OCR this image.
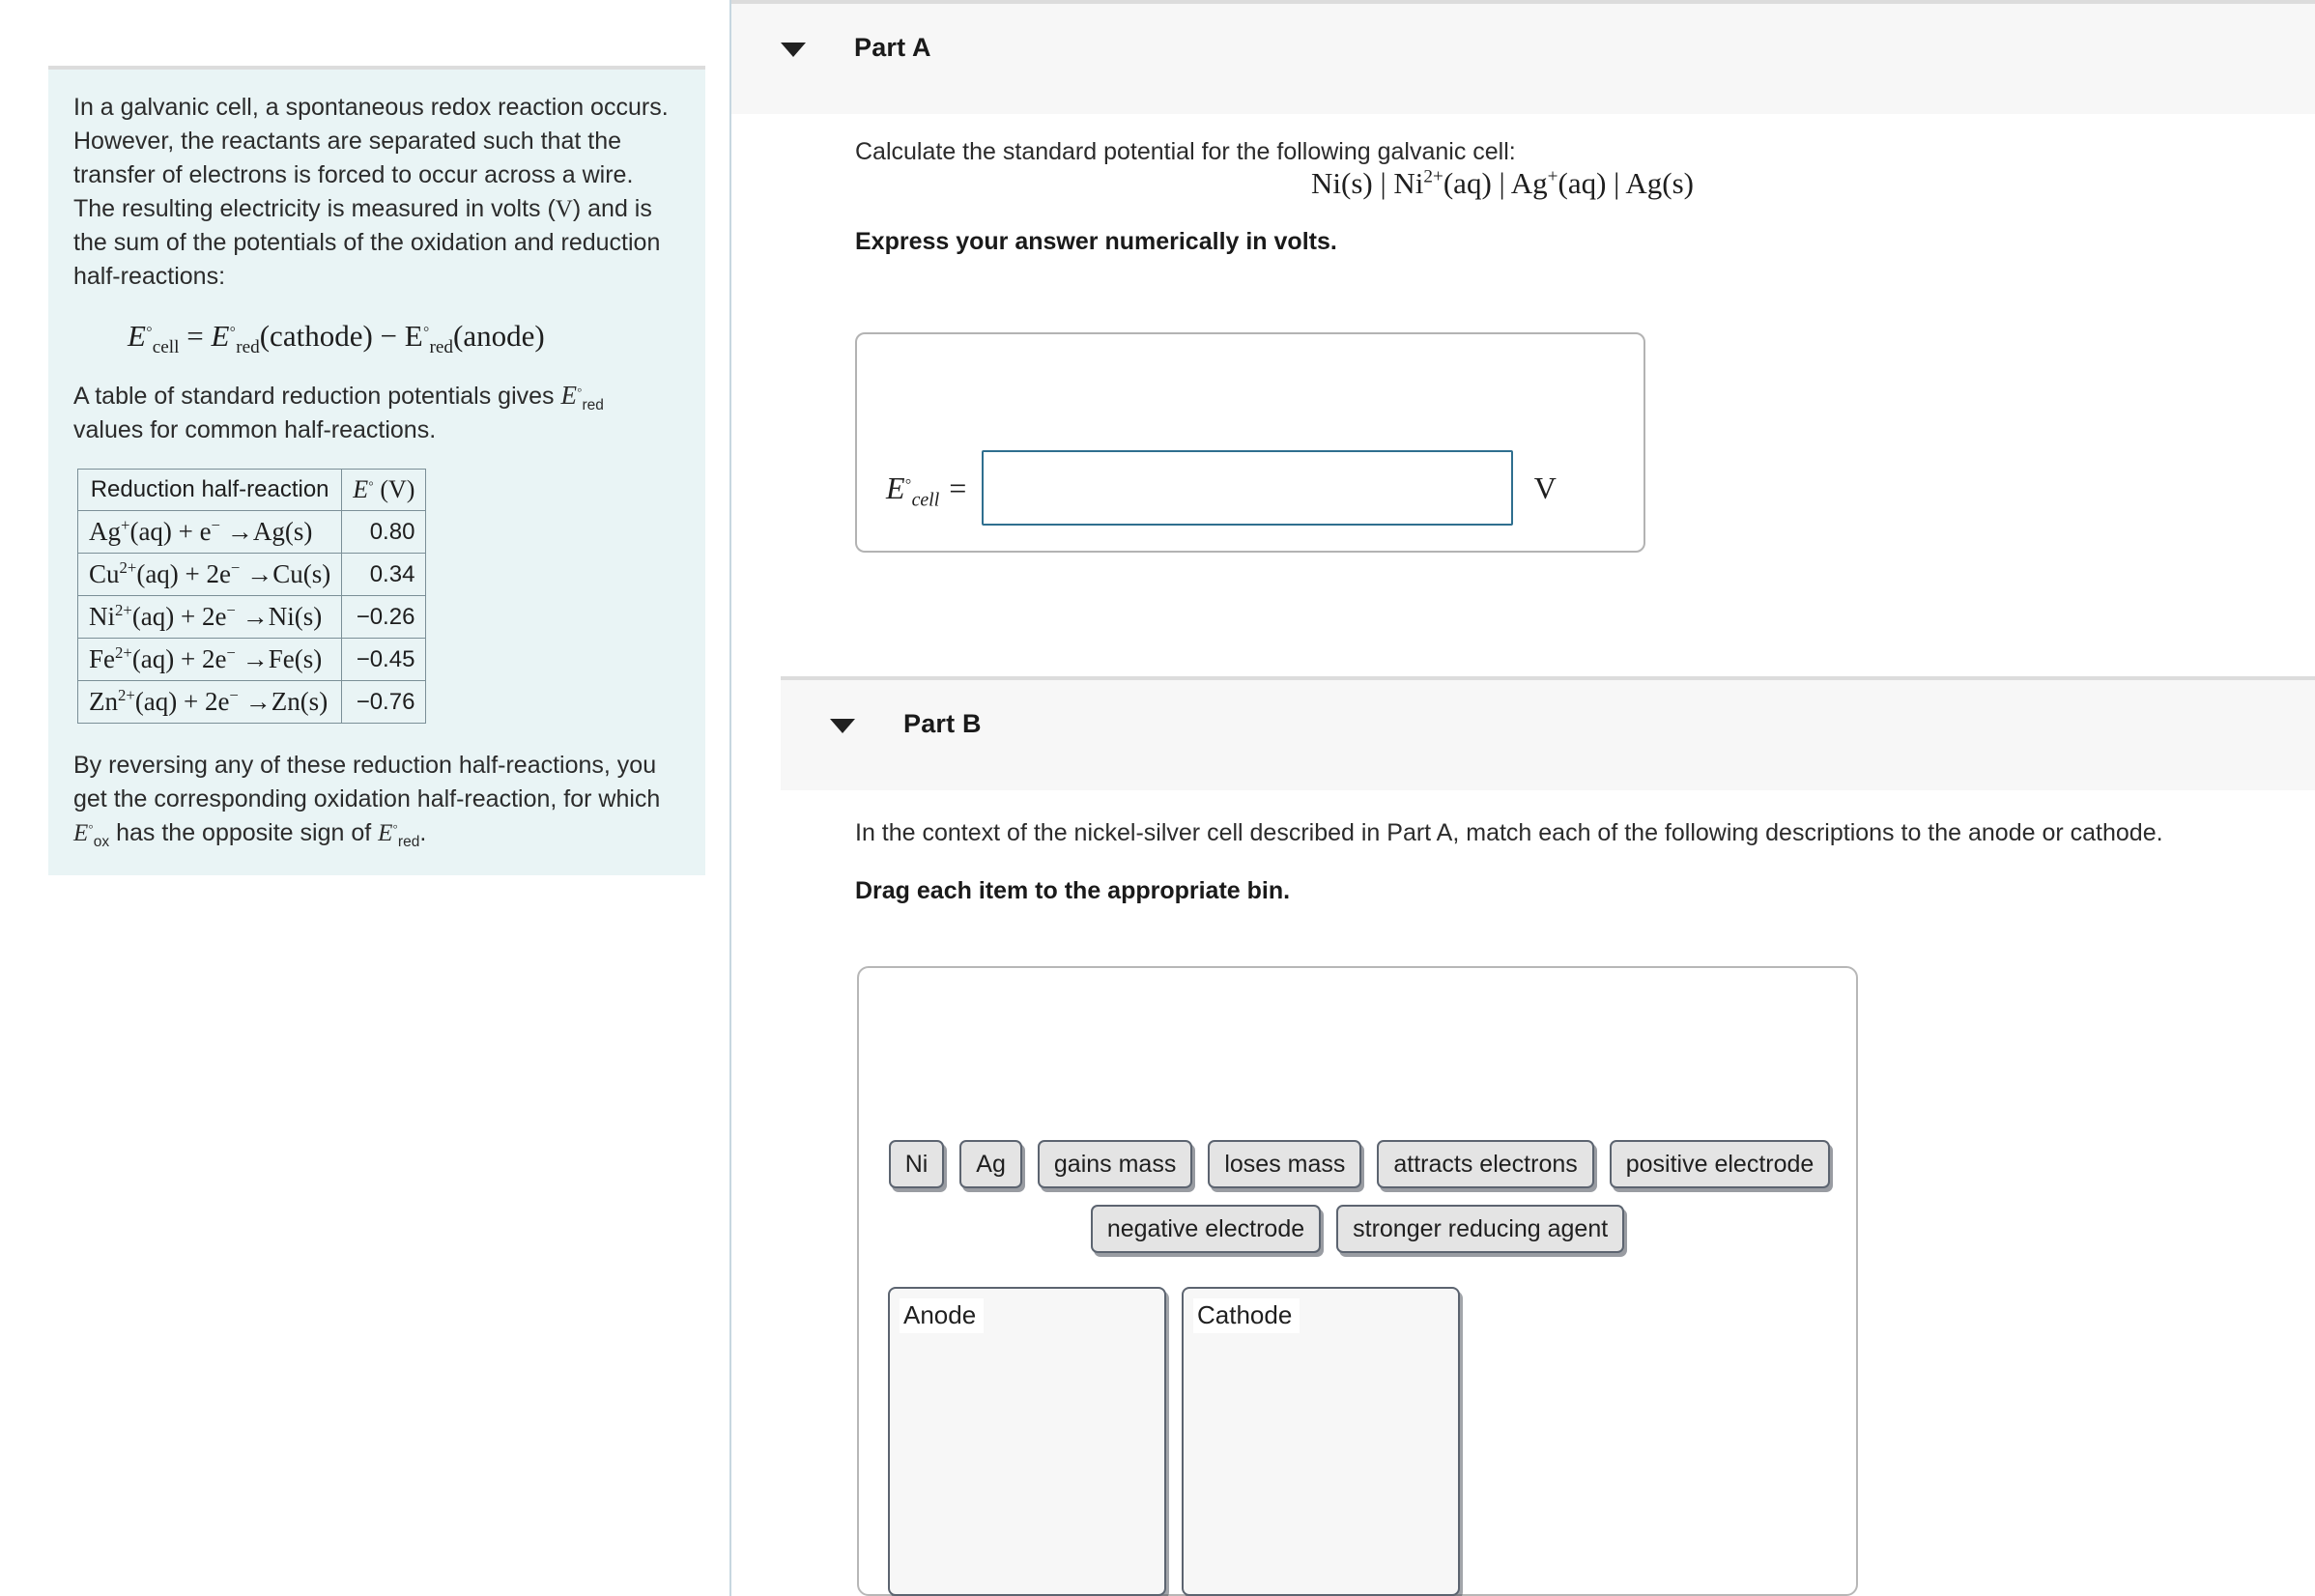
In a galvanic cell, a spontaneous redox reaction occurs. However, the reactants are separated such that the transfer of electrons is forced to occur across a wire. The resulting electricity is measured in volts (V) and is the sum of the potentials of the oxidation and reduction half-reactions:

$E^◦_{cell}$ = $E^◦_{red}(cathode)$ − $E^◦_{red}(anode)$

A table of standard reduction potentials gives $E^◦_{red}$ values for common half-reactions.

Reduction half-reaction	E◦ (V)
Ag+(aq) + e− →Ag(s)	0.80
$Cu^{2+}(aq) + 2e^- \to Cu(s)$	0.34
$Ni^{2+}(aq) + 2e^- \to Ni(s)$	−0.26
$Fe^{2+}(aq) + 2e^- \to Fe(s)$	−0.45
$Zn^{2+}(aq) + 2e^- \to Zn(s)$	−0.76

By reversing any of these reduction half-reactions, you get the corresponding oxidation half-reaction, for which $E^◦_{ox}$ has the opposite sign of $E^◦_{red}$.

Part A
Calculate the standard potential for the following galvanic cell:
Ni(s) | $Ni^{2+}(aq)$ | Ag+(aq) | Ag(s)
Express your answer numerically in volts.
$E^◦_{cell}$ =	V
Part B
In the context of the nickel-silver cell described in Part A, match each of the following descriptions to the anode or cathode.
Drag each item to the appropriate bin.
Ni	Ag	gains mass	loses mass	attracts electrons	positive electrode
negative electrode	stronger reducing agent
Anode	Cathode
